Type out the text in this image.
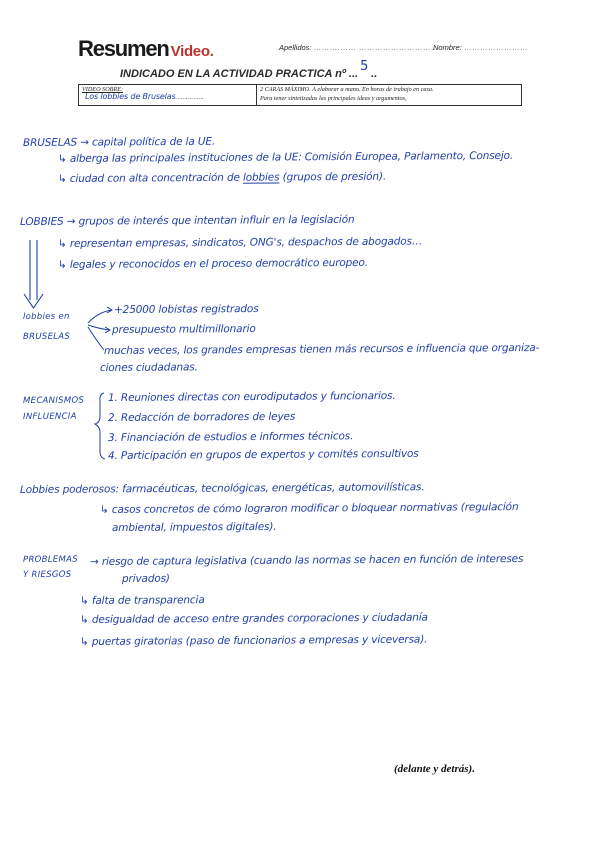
Resumen Video.	Apellidos: ……….…… …………………………
Nombre: ……………………
INDICADO EN LA ACTIVIDAD PRACTICA nº ... 5 ..
VIDEO SOBRE:
Los lobbies de Bruselas…………….
2 CARAS MÁXIMO. A elaborar a mano. En horas de trabajo en casa.
Para tener sintetizadas las principales ideas y argumentos,
BRUSELAS → capital política de la UE.
↳ alberga las principales instituciones de la UE: Comisión Europea, Parlamento, Consejo.
↳ ciudad con alta concentración de lobbies (grupos de presión).
LOBBIES → grupos de interés que intentan influir en la legislación
↳ representan empresas, sindicatos, ONG's, despachos de abogados…
↳ legales y reconocidos en el proceso democrático europeo.
lobbies en
BRUSELAS
+25000 lobistas registrados
presupuesto multimillonario
muchas veces, los grandes empresas tienen más recursos e influencia que organiza-
ciones ciudadanas.
MECANISMOS
INFLUENCIA
1. Reuniones directas con eurodiputados y funcionarios.
2. Redacción de borradores de leyes
3. Financiación de estudios e informes técnicos.
4. Participación en grupos de expertos y comités consultivos
Lobbies poderosos: farmacéuticas, tecnológicas, energéticas, automovilísticas.
↳ casos concretos de cómo lograron modificar o bloquear normativas (regulación
ambiental, impuestos digitales).
PROBLEMAS
Y RIESGOS
→ riesgo de captura legislativa (cuando las normas se hacen en función de intereses
privados)
↳ falta de transparencia
↳ desigualdad de acceso entre grandes corporaciones y ciudadanía
↳ puertas giratorias (paso de funcionarios a empresas y viceversa).
(delante y detrás).
